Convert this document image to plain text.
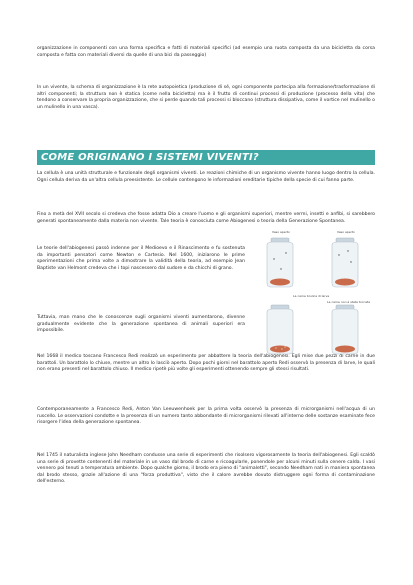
organizzazione in componenti con una forma specifica e fatti di materiali specifici (ad esempio una ruota composta da una bicicletta da corsa composta e fatta con materiali diversi da quelle di una bici da passeggio)

In un vivente, la schema di organizzazione è la rete autopoietica (produzione di sé, ogni componente partecipa alla formazione/trasformazione di altri componenti; la struttura non è statica (come nella bicicletta) ma è il frutto di continui processi di produzione (processo della vita) che tendono a conservare la propria organizzazione, che si perde quando tali processi si bloccano (struttura dissipativa, come il vortice nel mulinello o un mulinello in una vasca).

COME ORIGINANO I SISTEMI VIVENTI?

La cellula è una unità strutturale e funzionale degli organismi viventi. Le reazioni chimiche di un organismo vivente hanno luogo dentro la cellula. Ogni cellula deriva da un'altra cellula preesistente. Le cellule contengono le informazioni ereditarie tipiche della specie di cui fanno parte.

Fino a metà del XVII secolo si credeva che fosse adatta Dio a creare l'uomo e gli organismi superiori, mentre vermi, insetti e anfibi, si sarebbero generati spontaneamente dalla materia non vivente. Tale teoria è conosciuta come Abiogenesi o teoria della Generazione Spontanea.

Le teorie dell'abiogenesi passò indenne per il Medioevo e il Rinascimento e fu sostenuta da importanti pensatori come Newton e Cartesio. Nel 1600, iniziarono le prime sperimentazioni che prima volte a dimostrare la validità della teoria, ad esempio Jean Baptiste van Helmont credeva che i topi nascessero dal sudore e da chicchi di grano.

Tuttavia, man mano che le conoscenze sugli organismi viventi aumentarono, divenne gradualmente evidente che la generazione spontanea di animali superiori era impossibile.

Nel 1668 il medico toscano Francesco Redi realizzò un esperimento per abbattere la teoria dell'abiogenesi. Egli mise due pezzi di carne in due barattoli. Un barattolo lo chiuse, mentre un altro lo lasciò aperto. Dopo pochi giorni nel barattolo aperto Redi osservò la presenza di larve, le quali non erano presenti nel barattolo chiuso. Il medico ripetè più volte gli esperimenti ottenendo sempre gli stessi risultati.

Contemporaneamente a Francesco Redi, Anton Van Leeuwenhoek per la prima volta osservò la presenza di microrganismi nell'acqua di un ruscello. Le osservazioni condotte e la presenza di un numero tanto abbondante di microrganismi rilevati all'interno delle sostanze esaminate fece risorgere l'idea della generazione spontanea.

Nel 1745 il naturalista inglese John Needham condusse una serie di esperimenti che risolsero vigorosamente la teoria dell'abiogenesi. Egli scaldò una serie di provette contenenti del materiale in un vaso dal brodo di carne e ricoagularle, ponendole per alcuni minuti sulla cenere calda. I vasi vennero poi tenuti a temperatura ambiente. Dopo qualche giorno, il brodo era pieno di "animaletti", secondo Needham nati in maniera spontanea dal brodo stesso, grazie all'azione di una "forza produttiva", visto che il calore avrebbe dovuto distruggere ogni forma di contaminazione dell'esterno.

Vaso aperto	Vaso aperto
La carne brulica di larve
La carne non è stata toccata
